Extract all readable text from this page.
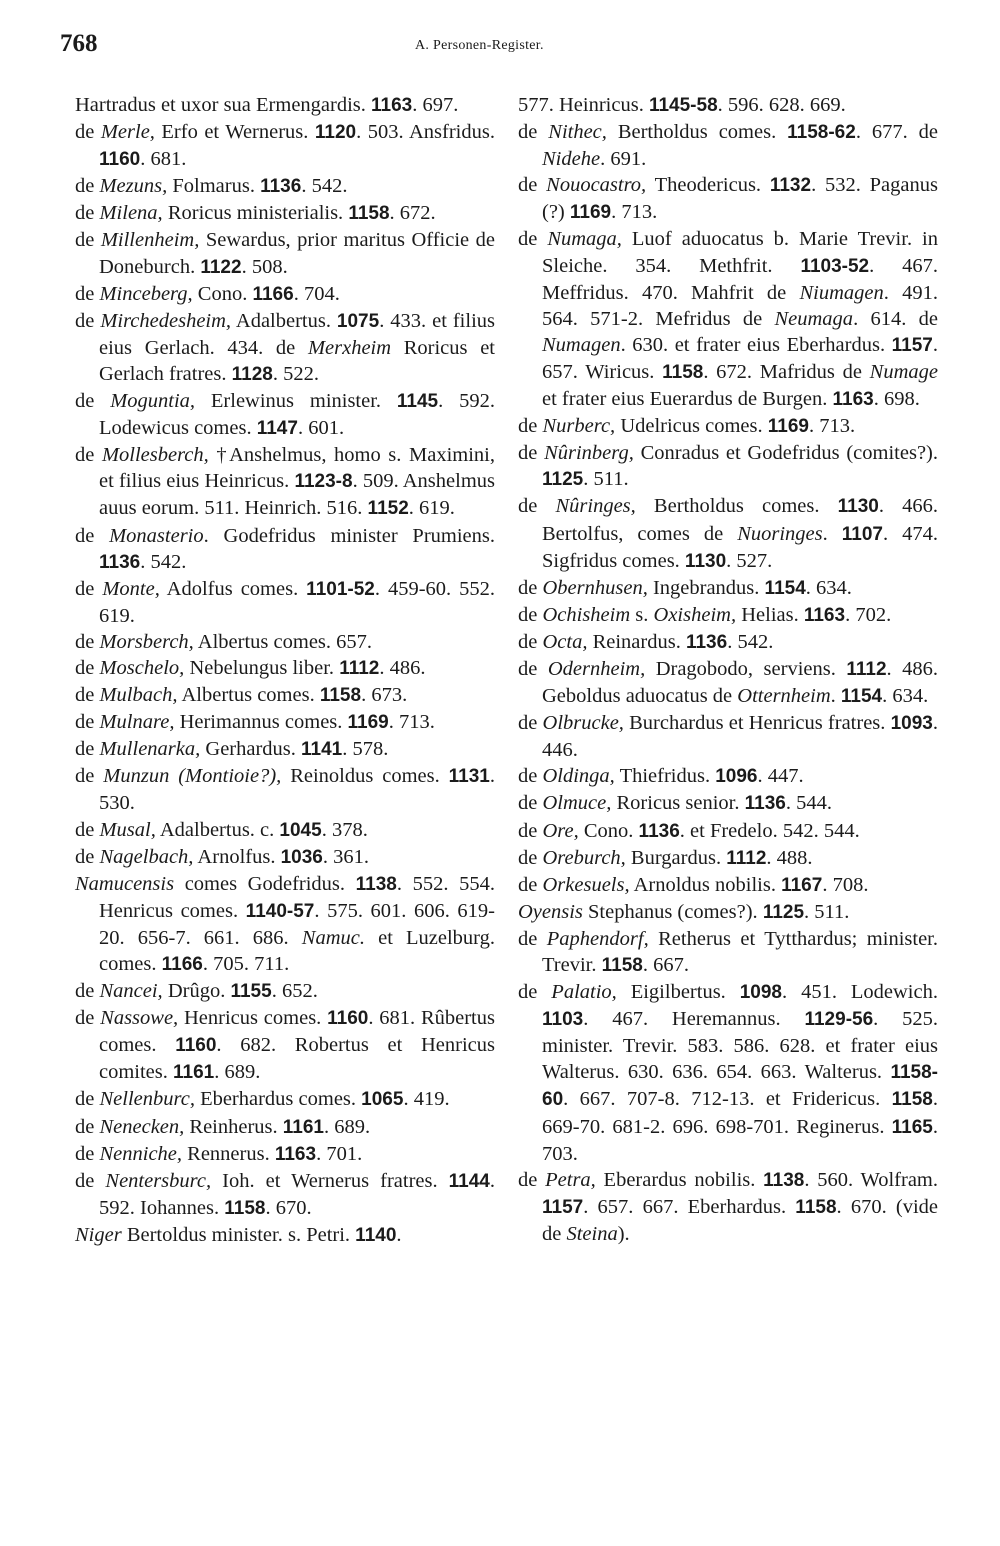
768	A. Personen-Register.

Hartradus et uxor sua Ermengardis. 1163. 697.

de Merle, Erfo et Wernerus. 1120. 503. Ansfridus. 1160. 681.

de Mezuns, Folmarus. 1136. 542.

de Milena, Roricus ministerialis. 1158. 672.

de Millenheim, Sewardus, prior maritus Officie de Doneburch. 1122. 508.

de Minceberg, Cono. 1166. 704.

de Mirchedesheim, Adalbertus. 1075. 433. et filius eius Gerlach. 434. de Merxheim Roricus et Gerlach fratres. 1128. 522.

de Moguntia, Erlewinus minister. 1145. 592. Lodewicus comes. 1147. 601.

de Mollesberch, †Anshelmus, homo s. Maximini, et filius eius Heinricus. 1123-8. 509. Anshelmus auus eorum. 511. Heinrich. 516. 1152. 619.

de Monasterio. Godefridus minister Prumiens. 1136. 542.

de Monte, Adolfus comes. 1101-52. 459-60. 552. 619.

de Morsberch, Albertus comes. 657.

de Moschelo, Nebelungus liber. 1112. 486.

de Mulbach, Albertus comes. 1158. 673.

de Mulnare, Herimannus comes. 1169. 713.

de Mullenarka, Gerhardus. 1141. 578.

de Munzun (Montioie?), Reinoldus comes. 1131. 530.

de Musal, Adalbertus. c. 1045. 378.

de Nagelbach, Arnolfus. 1036. 361.

Namucensis comes Godefridus. 1138. 552. 554. Henricus comes. 1140-57. 575. 601. 606. 619-20. 656-7. 661. 686. Namuc. et Luzelburg. comes. 1166. 705. 711.

de Nancei, Drûgo. 1155. 652.

de Nassowe, Henricus comes. 1160. 681. Rûbertus comes. 1160. 682. Robertus et Henricus comites. 1161. 689.

de Nellenburc, Eberhardus comes. 1065. 419.

de Nenecken, Reinherus. 1161. 689.

de Nenniche, Rennerus. 1163. 701.

de Nentersburc, Ioh. et Wernerus fratres. 1144. 592. Iohannes. 1158. 670.

Niger Bertoldus minister. s. Petri. 1140.

577. Heinricus. 1145-58. 596. 628. 669.

de Nithec, Bertholdus comes. 1158-62. 677. de Nidehe. 691.

de Nouocastro, Theodericus. 1132. 532. Paganus (?) 1169. 713.

de Numaga, Luof aduocatus b. Marie Trevir. in Sleiche. 354. Methfrit. 1103-52. 467. Meffridus. 470. Mahfrit de Niumagen. 491. 564. 571-2. Mefridus de Neumaga. 614. de Numagen. 630. et frater eius Eberhardus. 1157. 657. Wiricus. 1158. 672. Mafridus de Numage et frater eius Euerardus de Burgen. 1163. 698.

de Nurberc, Udelricus comes. 1169. 713.

de Nûrinberg, Conradus et Godefridus (comites?). 1125. 511.

de Nûringes, Bertholdus comes. 1130. 466. Bertolfus, comes de Nuoringes. 1107. 474. Sigfridus comes. 1130. 527.

de Obernhusen, Ingebrandus. 1154. 634.

de Ochisheim s. Oxisheim, Helias. 1163. 702.

de Octa, Reinardus. 1136. 542.

de Odernheim, Dragobodo, serviens. 1112. 486. Geboldus aduocatus de Otternheim. 1154. 634.

de Olbrucke, Burchardus et Henricus fratres. 1093. 446.

de Oldinga, Thiefridus. 1096. 447.

de Olmuce, Roricus senior. 1136. 544.

de Ore, Cono. 1136. et Fredelo. 542. 544.

de Oreburch, Burgardus. 1112. 488.

de Orkesuels, Arnoldus nobilis. 1167. 708.

Oyensis Stephanus (comes?). 1125. 511.

de Paphendorf, Retherus et Tytthardus; minister. Trevir. 1158. 667.

de Palatio, Eigilbertus. 1098. 451. Lodewich. 1103. 467. Heremannus. 1129-56. 525. minister. Trevir. 583. 586. 628. et frater eius Walterus. 630. 636. 654. 663. Walterus. 1158-60. 667. 707-8. 712-13. et Fridericus. 1158. 669-70. 681-2. 696. 698-701. Reginerus. 1165. 703.

de Petra, Eberardus nobilis. 1138. 560. Wolfram. 1157. 657. 667. Eberhardus. 1158. 670. (vide de Steina).
